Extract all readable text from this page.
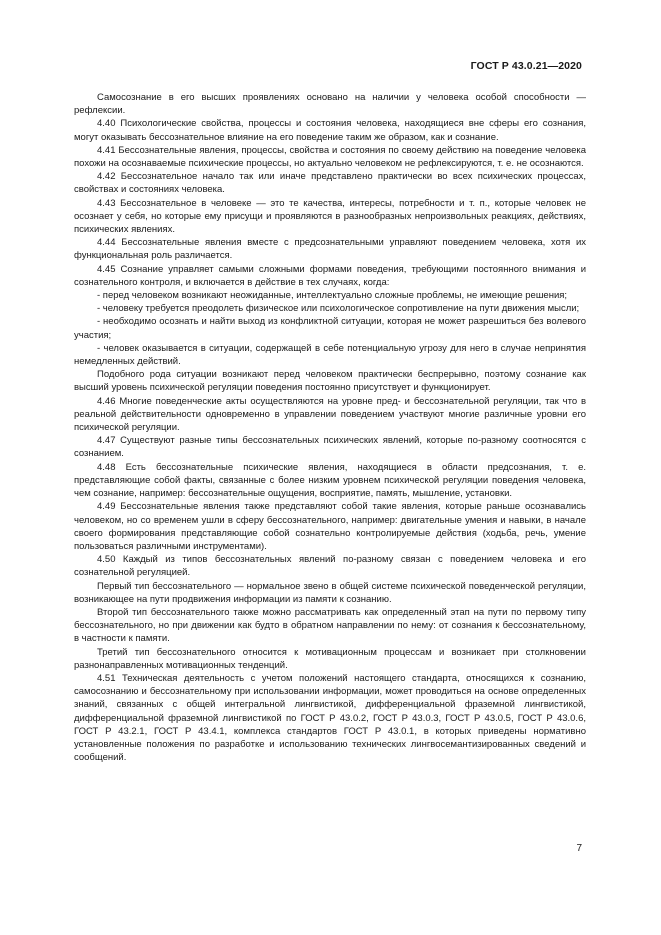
ГОСТ Р 43.0.21—2020

Самосознание в его высших проявлениях основано на наличии у человека особой способности — рефлексии.

4.40 Психологические свойства, процессы и состояния человека, находящиеся вне сферы его сознания, могут оказывать бессознательное влияние на его поведение таким же образом, как и сознание.

4.41 Бессознательные явления, процессы, свойства и состояния по своему действию на поведение человека похожи на осознаваемые психические процессы, но актуально человеком не рефлексируются, т. е. не осознаются.

4.42 Бессознательное начало так или иначе представлено практически во всех психических процессах, свойствах и состояниях человека.

4.43 Бессознательное в человеке — это те качества, интересы, потребности и т. п., которые человек не осознает у себя, но которые ему присущи и проявляются в разнообразных непроизвольных реакциях, действиях, психических явлениях.

4.44 Бессознательные явления вместе с предсознательными управляют поведением человека, хотя их функциональная роль различается.

4.45 Сознание управляет самыми сложными формами поведения, требующими постоянного внимания и сознательного контроля, и включается в действие в тех случаях, когда:

- перед человеком возникают неожиданные, интеллектуально сложные проблемы, не имеющие решения;

- человеку требуется преодолеть физическое или психологическое сопротивление на пути движения мысли;

- необходимо осознать и найти выход из конфликтной ситуации, которая не может разрешиться без волевого участия;

- человек оказывается в ситуации, содержащей в себе потенциальную угрозу для него в случае непринятия немедленных действий.

Подобного рода ситуации возникают перед человеком практически беспрерывно, поэтому сознание как высший уровень психической регуляции поведения постоянно присутствует и функционирует.

4.46 Многие поведенческие акты осуществляются на уровне пред- и бессознательной регуляции, так что в реальной действительности одновременно в управлении поведением участвуют многие различные уровни его психической регуляции.

4.47 Существуют разные типы бессознательных психических явлений, которые по-разному соотносятся с сознанием.

4.48 Есть бессознательные психические явления, находящиеся в области предсознания, т. е. представляющие собой факты, связанные с более низким уровнем психической регуляции поведения человека, чем сознание, например: бессознательные ощущения, восприятие, память, мышление, установки.

4.49 Бессознательные явления также представляют собой такие явления, которые раньше осознавались человеком, но со временем ушли в сферу бессознательного, например: двигательные умения и навыки, в начале своего формирования представляющие собой сознательно контролируемые действия (ходьба, речь, умение пользоваться различными инструментами).

4.50 Каждый из типов бессознательных явлений по-разному связан с поведением человека и его сознательной регуляцией.

Первый тип бессознательного — нормальное звено в общей системе психической поведенческой регуляции, возникающее на пути продвижения информации из памяти к сознанию.

Второй тип бессознательного также можно рассматривать как определенный этап на пути по первому типу бессознательного, но при движении как будто в обратном направлении по нему: от сознания к бессознательному, в частности к памяти.

Третий тип бессознательного относится к мотивационным процессам и возникает при столкновении разнонаправленных мотивационных тенденций.

4.51 Техническая деятельность с учетом положений настоящего стандарта, относящихся к сознанию, самосознанию и бессознательному при использовании информации, может проводиться на основе определенных знаний, связанных с общей интегральной лингвистикой, дифференциальной фраземной лингвистикой, дифференциальной фраземной лингвистикой по ГОСТ Р 43.0.2, ГОСТ Р 43.0.3, ГОСТ Р 43.0.5, ГОСТ Р 43.0.6, ГОСТ Р 43.2.1, ГОСТ Р 43.4.1, комплекса стандартов ГОСТ Р 43.0.1, в которых приведены нормативно установленные положения по разработке и использованию технических лингвосемантизированных сведений и сообщений.

7
